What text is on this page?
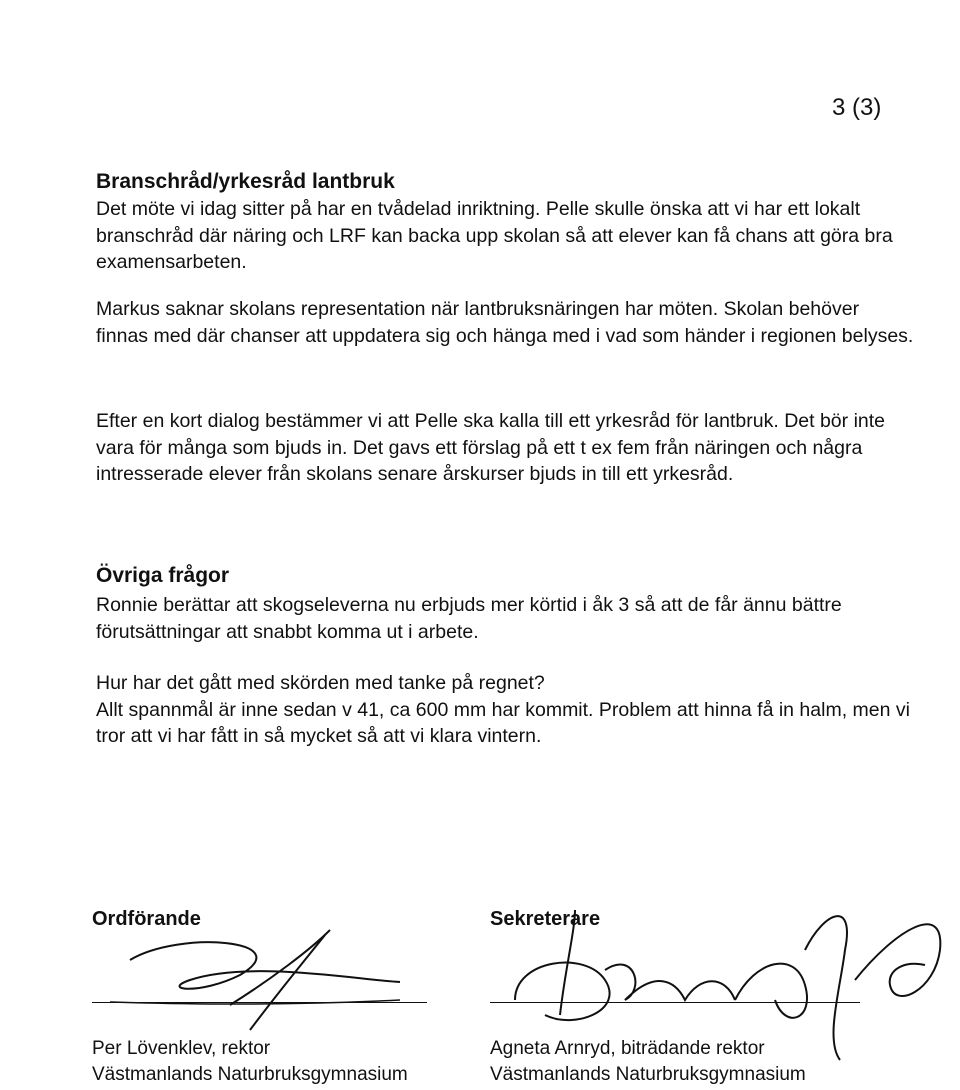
3 (3)
Branschråd/yrkesråd lantbruk

Det möte vi idag sitter på har en tvådelad inriktning. Pelle skulle önska att vi har ett lokalt branschråd där näring och LRF kan backa upp skolan så att elever kan få chans att göra bra examensarbeten.

Markus saknar skolans representation när lantbruksnäringen har möten. Skolan behöver finnas med där chanser att uppdatera sig och hänga med i vad som händer i regionen belyses.

Efter en kort dialog bestämmer vi att Pelle ska kalla till ett yrkesråd för lantbruk. Det bör inte vara för många som bjuds in. Det gavs ett förslag på ett t ex fem från näringen och några intresserade elever från skolans senare årskurser bjuds in till ett yrkesråd.

Övriga frågor

Ronnie berättar att skogseleverna nu erbjuds mer körtid i åk 3 så att de får ännu bättre förutsättningar att snabbt komma ut i arbete.

Hur har det gått med skörden med tanke på regnet?
Allt spannmål är inne sedan v 41, ca 600 mm har kommit. Problem att hinna få in halm, men vi tror att vi har fått in så mycket så att vi klara vintern.

Ordförande	Sekreterare
Per Lövenklev, rektor
Västmanlands Naturbruksgymnasium
Agneta Arnryd, biträdande rektor
Västmanlands Naturbruksgymnasium
